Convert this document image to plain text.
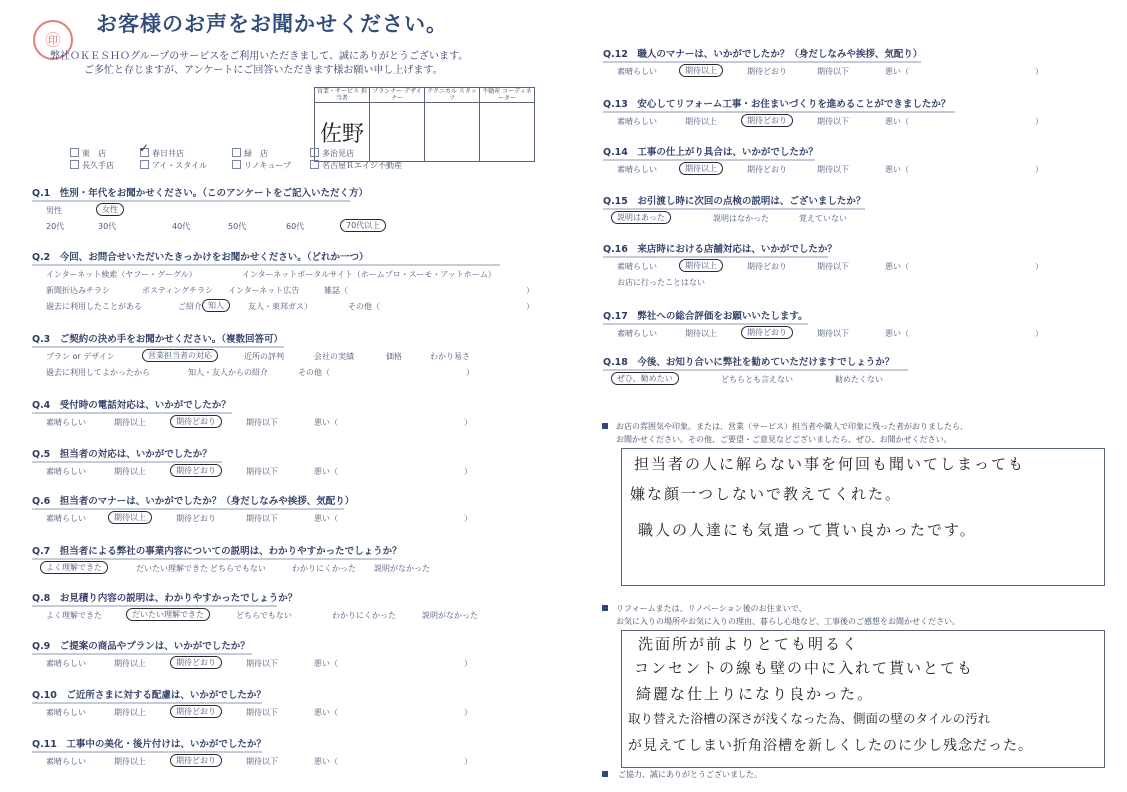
㊞
お客様のお声をお聞かせください。
弊社ＯＫＥＳＨＯグループのサービスをご利用いただきまして、誠にありがとうございます。
ご多忙と存じますが、アンケートにご回答いただきます様お願い申し上げます。
営業・サービス 担当者	プランナー デザイナー	テクニカル スタッフ	不動産 コーディネーター
佐野			
東　店 ✓	春日井店	緑　店	多治見店
長久手店	アイ・スタイル	リノキューブ	名古屋Ｒエイジ不動産
Q.1　性別・年代をお聞かせください。（このアンケートをご記入いただく方）
男性	女性
20代	30代	40代	50代	60代	70代以上
Q.2　今回、お問合せいただいたきっかけをお聞かせください。（どれか一つ）
インターネット検索（ヤフー・グーグル）	インターネットポータルサイト（ホームプロ・スーモ・アットホーム）
新聞折込みチラシ	ポスティングチラシ インターネット広告	雑誌（	）
過去に利用したことがある	ご紹介 知人	友人・東邦ガス）	その他（	）
Q.3　ご契約の決め手をお聞かせください。（複数回答可）
プラン or デザイン	営業担当者の対応	近所の評判	会社の実績	価格	わかり易さ
過去に利用してよかったから	知人・友人からの紹介	その他（	）
Q.4　受付時の電話対応は、いかがでしたか？
素晴らしい	期待以上	期待どおり	期待以下	悪い（	）
Q.5　担当者の対応は、いかがでしたか？
素晴らしい	期待以上	期待どおり	期待以下	悪い（	）
Q.6　担当者のマナーは、いかがでしたか？（身だしなみや挨拶、気配り）
素晴らしい	期待以上	期待どおり	期待以下	悪い（	）
Q.7　担当者による弊社の事業内容についての説明は、わかりやすかったでしょうか？
よく理解できた	だいたい理解できた どちらでもない	わかりにくかった 説明がなかった
Q.8　お見積り内容の説明は、わかりやすかったでしょうか？
よく理解できた	だいたい理解できた	どちらでもない	わかりにくかった	説明がなかった
Q.9　ご提案の商品やプランは、いかがでしたか？
素晴らしい	期待以上	期待どおり	期待以下	悪い（	）
Q.10　ご近所さまに対する配慮は、いかがでしたか？
素晴らしい	期待以上	期待どおり	期待以下	悪い（	）
Q.11　工事中の美化・後片付けは、いかがでしたか？
素晴らしい	期待以上	期待どおり	期待以下	悪い（	）
Q.12　職人のマナーは、いかがでしたか？（身だしなみや挨拶、気配り）
素晴らしい	期待以上	期待どおり	期待以下	悪い（	）
Q.13　安心してリフォーム工事・お住まいづくりを進めることができましたか？
素晴らしい	期待以上	期待どおり	期待以下	悪い（	）
Q.14　工事の仕上がり具合は、いかがでしたか？
素晴らしい	期待以上	期待どおり	期待以下	悪い（	）
Q.15　お引渡し時に次回の点検の説明は、ございましたか？
説明はあった	説明はなかった	覚えていない
Q.16　来店時における店舗対応は、いかがでしたか？
素晴らしい	期待以上	期待どおり	期待以下	悪い（	）
お店に行ったことはない
Q.17　弊社への総合評価をお願いいたします。
素晴らしい	期待以上	期待どおり	期待以下	悪い（	）
Q.18　今後、お知り合いに弊社を勧めていただけますでしょうか？
ぜひ、勧めたい	どちらとも言えない	勧めたくない
お店の雰囲気や印象。または、営業（サービス）担当者や職人で印象に残った者がおりましたら、
お聞かせください。その他、ご要望・ご意見などございましたら、ぜひ、お聞かせください。
担当者の人に解らない事を何回も聞いてしまっても
嫌な顔一つしないで教えてくれた。
職人の人達にも気遣って貰い良かったです。
リフォームまたは、リノベーション後のお住まいで、
お気に入りの場所やお気に入りの理由、暮らし心地など、工事後のご感想をお聞かせください。
洗面所が前よりとても明るく
コンセントの線も壁の中に入れて貰いとても
綺麗な仕上りになり良かった。
取り替えた浴槽の深さが浅くなった為、側面の壁のタイルの汚れ
が見えてしまい折角浴槽を新しくしたのに少し残念だった。
ご協力、誠にありがとうございました。
